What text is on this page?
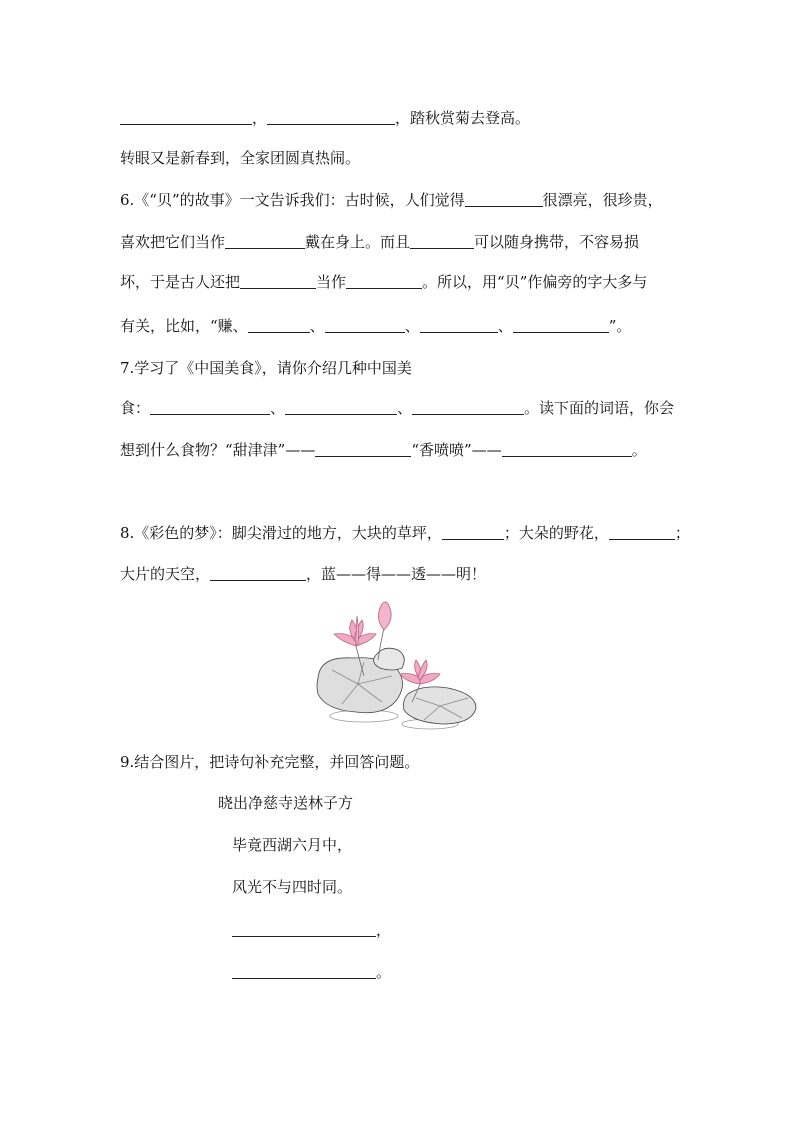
，	，踏秋赏菊去登高。
转眼又是新春到，全家团圆真热闹。
6.《“贝”的故事》一文告诉我们：古时候，人们觉得	很漂亮，很珍贵，
喜欢把它们当作	戴在身上。而且	可以随身携带，不容易损
坏，于是古人还把	当作	。所以，用“贝”作偏旁的字大多与
有关，比如，“赚、	、	、	、	”。
7.学习了《中国美食》，请你介绍几种中国美
食：	、	、	。读下面的词语，你会
想到什么食物？“甜津津”——	“香喷喷”——	。
8.《彩色的梦》：脚尖滑过的地方，大块的草坪，	；大朵的野花，	；
大片的天空，	，蓝——得——透——明！
9.结合图片，把诗句补充完整，并回答问题。
晓出净慈寺送林子方
毕竟西湖六月中，
风光不与四时同。
，
。
